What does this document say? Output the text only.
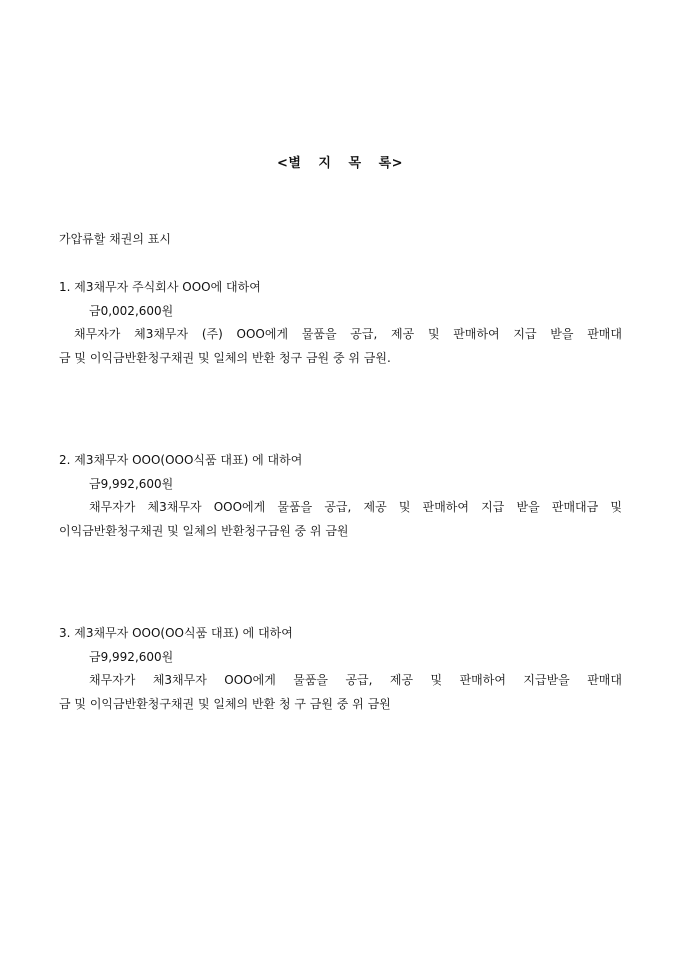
<별 지 목 록>
가압류할 채권의 표시
1. 제3채무자 주식회사 OOO에 대하여
금0,002,600원
채무자가 체3채무자 (주) OOO에게 물품을 공급, 제공 및 판매하여 지급 받을 판매대
금 및 이익금반환청구채권 및 일체의 반환 청구 금원 중 위 금원.
2. 제3채무자 OOO(OOO식품 대표) 에 대하여
금9,992,600원
채무자가 체3채무자 OOO에게 물품을 공급, 제공 및 판매하여 지급 받을 판매대금 및
이익금반환청구채권 및 일체의 반환청구금원 중 위 금원
3. 제3채무자 OOO(OO식품 대표) 에 대하여
금9,992,600원
채무자가 체3채무자 OOO에게 물품을 공급, 제공 및 판매하여 지급받을 판매대
금 및 이익금반환청구채권 및 일체의 반환 청 구 금원 중 위 금원
